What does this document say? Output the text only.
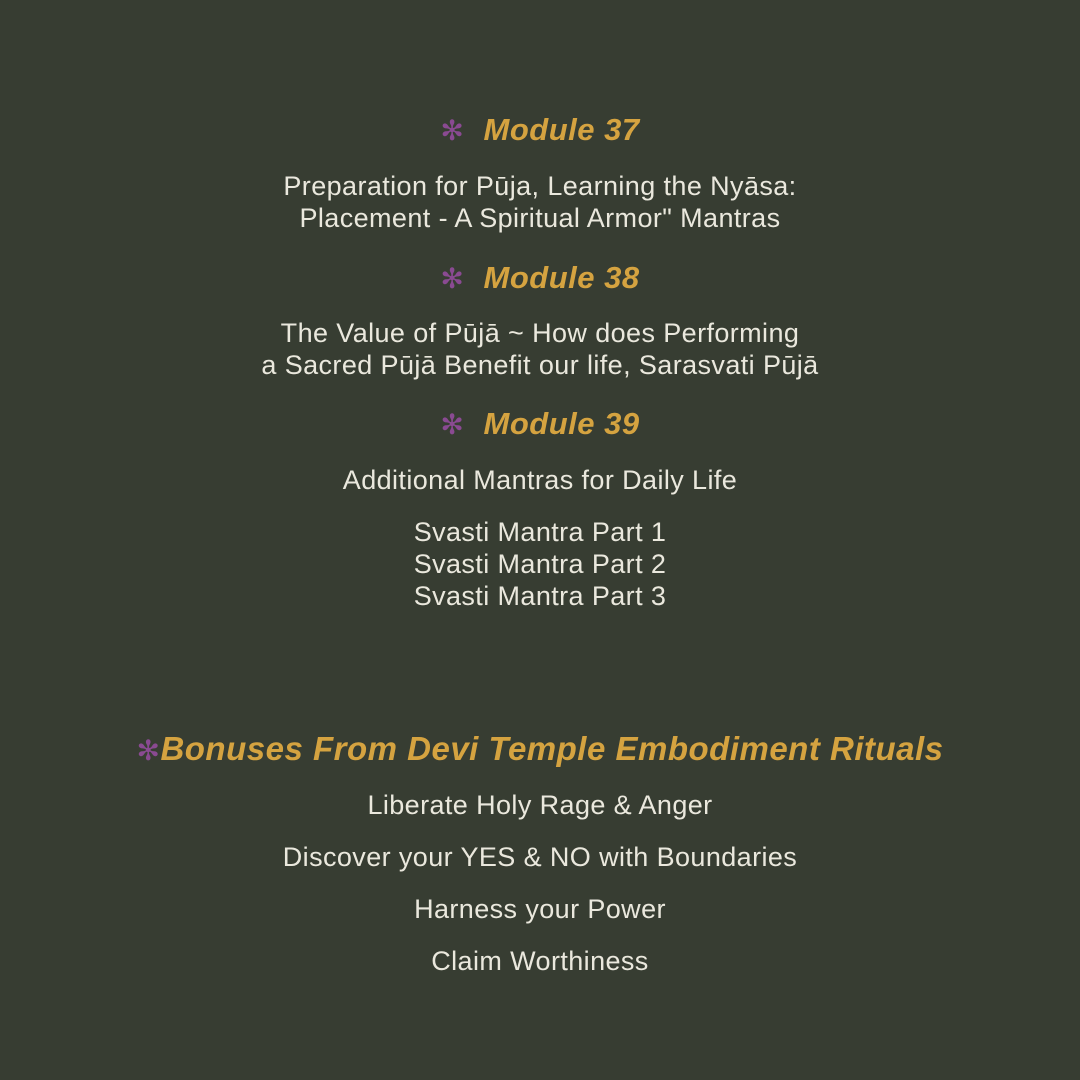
✻ Module 37
Preparation for Pūja, Learning the Nyāsa:
Placement - A Spiritual Armor" Mantras
✻ Module 38
The Value of Pūjā ~ How does Performing
a Sacred Pūjā Benefit our life, Sarasvati Pūjā
✻ Module 39
Additional Mantras for Daily Life
Svasti Mantra Part 1
Svasti Mantra Part 2
Svasti Mantra Part 3
✻Bonuses From Devi Temple Embodiment Rituals
Liberate Holy Rage & Anger
Discover your YES & NO with Boundaries
Harness your Power
Claim Worthiness
